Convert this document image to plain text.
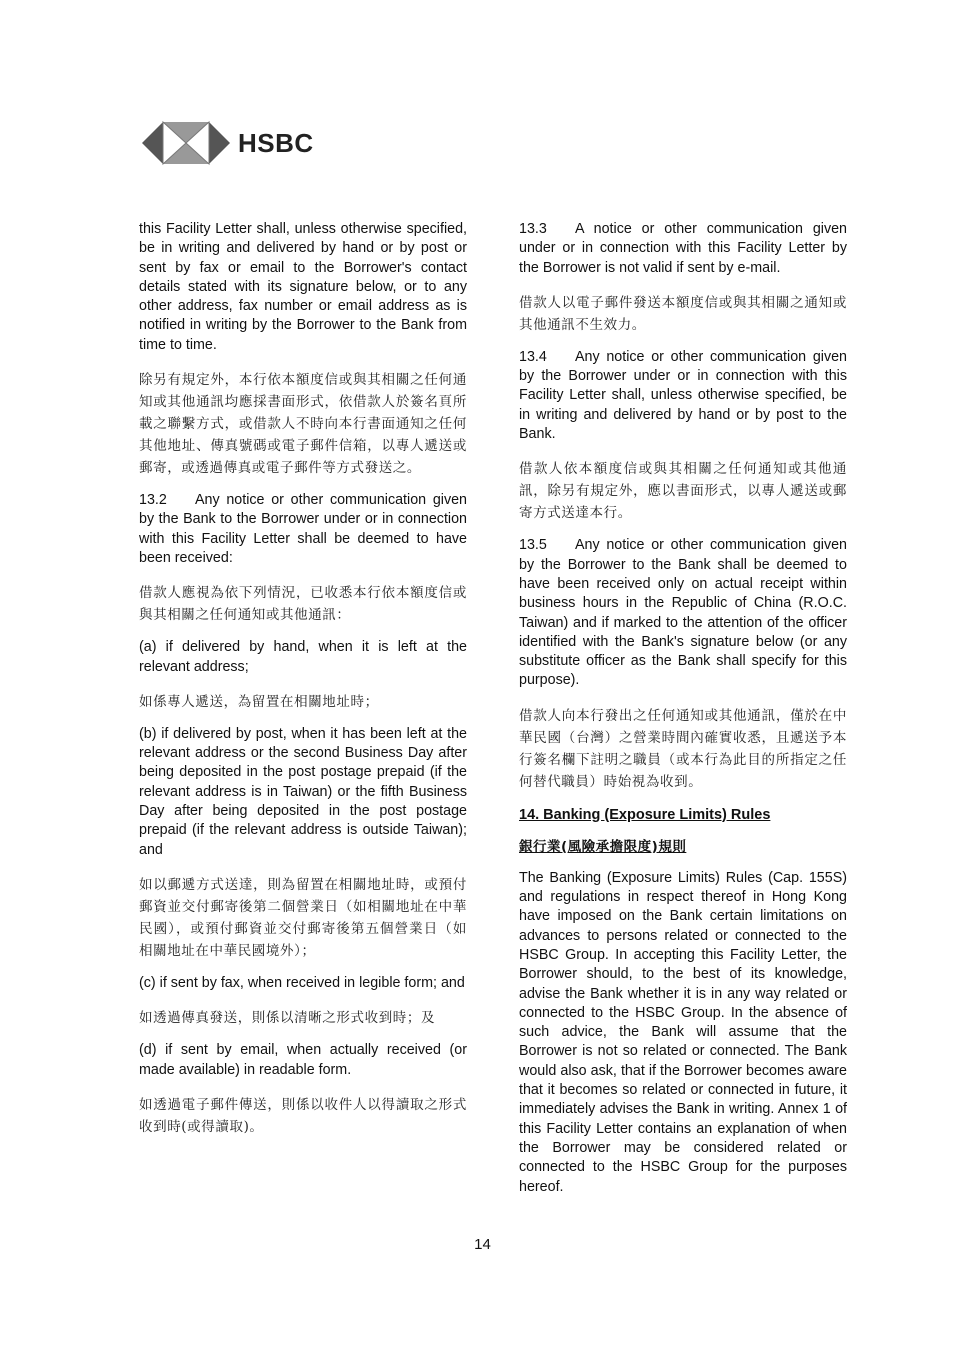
HSBC

this Facility Letter shall, unless otherwise specified, be in writing and delivered by hand or by post or sent by fax or email to the Borrower's contact details stated with its signature below, or to any other address, fax number or email address as is notified in writing by the Borrower to the Bank from time to time.

除另有規定外，本行依本額度信或與其相關之任何通知或其他通訊均應採書面形式，依借款人於簽名頁所載之聯繫方式，或借款人不時向本行書面通知之任何其他地址、傳真號碼或電子郵件信箱，以專人遞送或郵寄，或透過傳真或電子郵件等方式發送之。

13.2 Any notice or other communication given by the Bank to the Borrower under or in connection with this Facility Letter shall be deemed to have been received:

借款人應視為依下列情況，已收悉本行依本額度信或與其相關之任何通知或其他通訊：

(a) if delivered by hand, when it is left at the relevant address;

如係專人遞送，為留置在相關地址時；

(b) if delivered by post, when it has been left at the relevant address or the second Business Day after being deposited in the post postage prepaid (if the relevant address is in Taiwan) or the fifth Business Day after being deposited in the post postage prepaid (if the relevant address is outside Taiwan); and

如以郵遞方式送達，則為留置在相關地址時，或預付郵資並交付郵寄後第二個營業日（如相關地址在中華民國），或預付郵資並交付郵寄後第五個營業日（如相關地址在中華民國境外）；

(c) if sent by fax, when received in legible form; and

如透過傳真發送，則係以清晰之形式收到時；及

(d) if sent by email, when actually received (or made available) in readable form.

如透過電子郵件傳送，則係以收件人以得讀取之形式收到時(或得讀取)。

13.3 A notice or other communication given under or in connection with this Facility Letter by the Borrower is not valid if sent by e-mail.

借款人以電子郵件發送本額度信或與其相關之通知或其他通訊不生效力。

13.4 Any notice or other communication given by the Borrower under or in connection with this Facility Letter shall, unless otherwise specified, be in writing and delivered by hand or by post to the Bank.

借款人依本額度信或與其相關之任何通知或其他通訊，除另有規定外，應以書面形式，以專人遞送或郵寄方式送達本行。

13.5 Any notice or other communication given by the Borrower to the Bank shall be deemed to have been received only on actual receipt within business hours in the Republic of China (R.O.C. Taiwan) and if marked to the attention of the officer identified with the Bank's signature below (or any substitute officer as the Bank shall specify for this purpose).

借款人向本行發出之任何通知或其他通訊，僅於在中華民國（台灣）之營業時間內確實收悉，且遞送予本行簽名欄下註明之職員（或本行為此目的所指定之任何替代職員）時始視為收到。

14. Banking (Exposure Limits) Rules
銀行業(風險承擔限度)規則

The Banking (Exposure Limits) Rules (Cap. 155S) and regulations in respect thereof in Hong Kong have imposed on the Bank certain limitations on advances to persons related or connected to the HSBC Group. In accepting this Facility Letter, the Borrower should, to the best of its knowledge, advise the Bank whether it is in any way related or connected to the HSBC Group. In the absence of such advice, the Bank will assume that the Borrower is not so related or connected. The Bank would also ask, that if the Borrower becomes aware that it becomes so related or connected in future, it immediately advises the Bank in writing. Annex 1 of this Facility Letter contains an explanation of when the Borrower may be considered related or connected to the HSBC Group for the purposes hereof.

14
